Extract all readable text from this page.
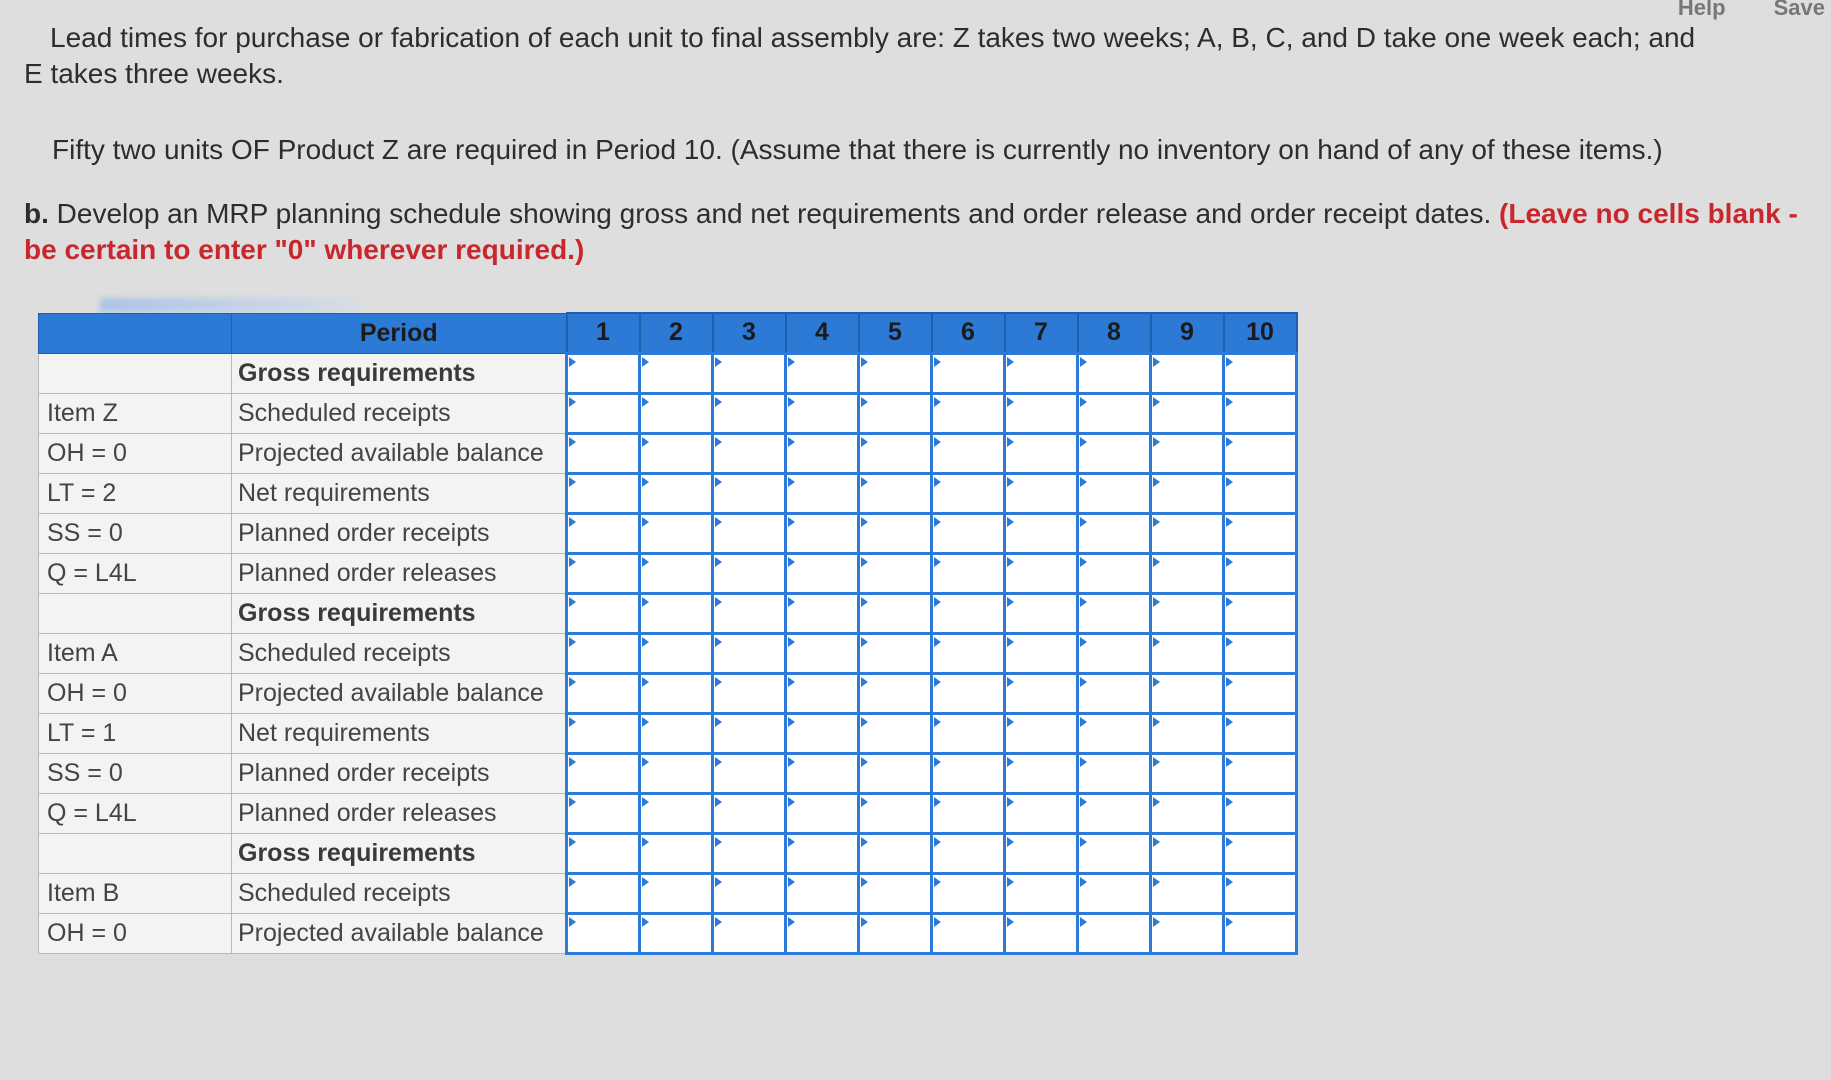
Help Save
Lead times for purchase or fabrication of each unit to final assembly are: Z takes two weeks; A, B, C, and D take one week each; and
E takes three weeks.
Fifty two units OF Product Z are required in Period 10. (Assume that there is currently no inventory on hand of any of these items.)
b. Develop an MRP planning schedule showing gross and net requirements and order release and order receipt dates. (Leave no cells blank - be certain to enter "0" wherever required.)
	Period	1	2	3	4	5	6	7	8	9	10
	Gross requirements	

Item Z	Scheduled receipts	

OH = 0	Projected available balance	

LT = 2	Net requirements	

SS = 0	Planned order receipts	

Q = L4L	Planned order releases	

	Gross requirements	

Item A	Scheduled receipts	

OH = 0	Projected available balance	

LT = 1	Net requirements	

SS = 0	Planned order receipts	

Q = L4L	Planned order releases	

	Gross requirements	

Item B	Scheduled receipts	

OH = 0	Projected available balance	
